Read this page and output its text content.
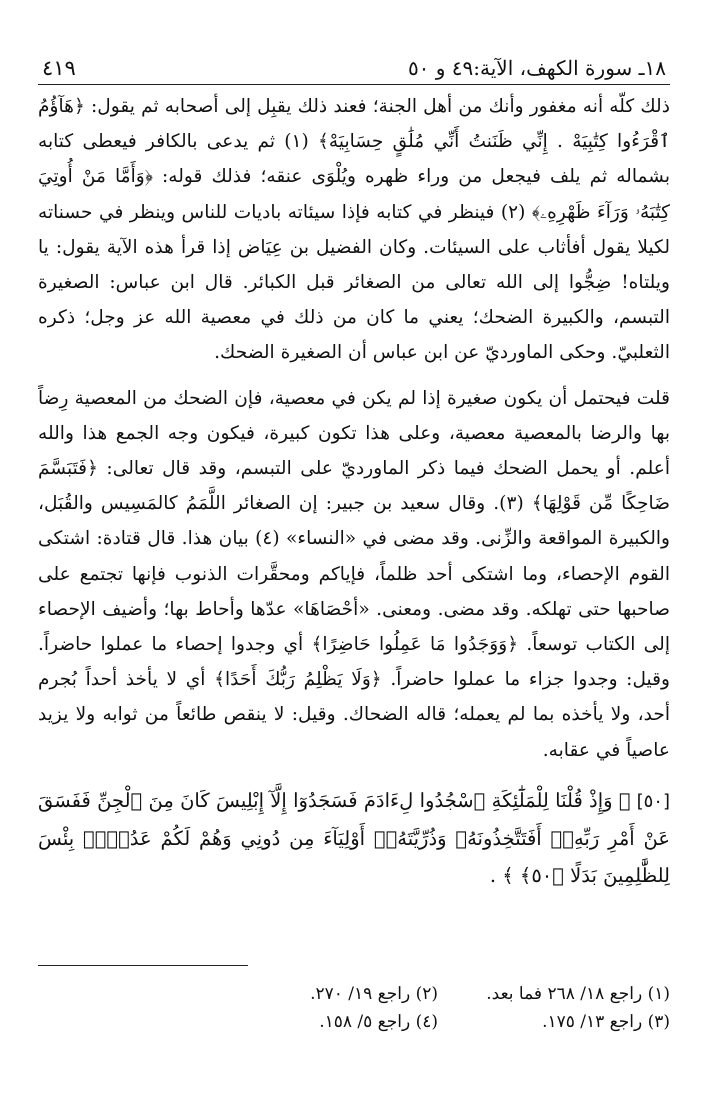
١٨ـ سورة الكهف، الآية:٤٩ و ٥٠
٤١٩

ذلك كلّه أنه مغفور وأنك من أهل الجنة؛ فعند ذلك يقبِل إلى أصحابه ثم يقول: ﴿هَآؤُمُ ٱقْرَءُوا كِتَٰبِيَهْ . إِنِّي ظَنَنتُ أَنِّي مُلَٰقٍ حِسَابِيَهْ﴾ (١) ثم يدعى بالكافر فيعطى كتابه بشماله ثم يلف فيجعل من وراء ظهره ويُلْوَى عنقه؛ فذلك قوله: ﴿وَأَمَّا مَنْ أُوتِيَ كِتَٰبَهُۥ وَرَآءَ ظَهْرِهِۦ﴾ (٢) فينظر في كتابه فإذا سيئاته باديات للناس وينظر في حسناته لكيلا يقول أفأثاب على السيئات. وكان الفضيل بن عِيَاض إذا قرأ هذه الآية يقول: يا ويلتاه! ضِجُّوا إلى الله تعالى من الصغائر قبل الكبائر. قال ابن عباس: الصغيرة التبسم، والكبيرة الضحك؛ يعني ما كان من ذلك في معصية الله عز وجل؛ ذكره الثعلبيّ. وحكى الماورديّ عن ابن عباس أن الصغيرة الضحك.

قلت فيحتمل أن يكون صغيرة إذا لم يكن في معصية، فإن الضحك من المعصية رِضاً بها والرضا بالمعصية معصية، وعلى هذا تكون كبيرة، فيكون وجه الجمع هذا والله أعلم. أو يحمل الضحك فيما ذكر الماورديّ على التبسم، وقد قال تعالى: ﴿فَتَبَسَّمَ ضَاحِكًا مِّن قَوْلِهَا﴾ (٣). وقال سعيد بن جبير: إن الصغائر اللَّمَمُ كالمَسِيس والقُبَل، والكبيرة المواقعة والزِّنى. وقد مضى في «النساء» (٤) بيان هذا. قال قتادة: اشتكى القوم الإحصاء، وما اشتكى أحد ظلماً، فإياكم ومحقَّرات الذنوب فإنها تجتمع على صاحبها حتى تهلكه. وقد مضى. ومعنى. «أحْصَاهَا» عدّها وأحاط بها؛ وأضيف الإحصاء إلى الكتاب توسعاً. ﴿وَوَجَدُوا مَا عَمِلُوا حَاضِرًا﴾ أي وجدوا إحصاء ما عملوا حاضراً. وقيل: وجدوا جزاء ما عملوا حاضراً. ﴿وَلَا يَظْلِمُ رَبُّكَ أَحَدًا﴾ أي لا يأخذ أحداً بُجرم أحد، ولا يأخذه بما لم يعمله؛ قاله الضحاك. وقيل: لا ينقص طائعاً من ثوابه ولا يزيد عاصياً في عقابه.

[٥٠]﴿ وَإِذْ قُلْنَا لِلْمَلَٰٓئِكَةِ ٱسْجُدُوا لِءَادَمَ فَسَجَدُوٓا إِلَّآ إِبْلِيسَ كَانَ مِنَ ٱلْجِنِّ فَفَسَقَ عَنْ أَمْرِ رَبِّهِۦٓ أَفَتَتَّخِذُونَهُۥ وَذُرِّيَّتَهُۥٓ أَوْلِيَآءَ مِن دُونِي وَهُمْ لَكُمْ عَدُوٌّۢ بِئْسَ لِلظَّٰلِمِينَ بَدَلًا ﴿٥٠﴾ ﴾ .

(١) راجع ١٨/ ٢٦٨ فما بعد.
(٢) راجع ١٩/ ٢٧٠.
(٣) راجع ١٣/ ١٧٥.
(٤) راجع ٥/ ١٥٨.
